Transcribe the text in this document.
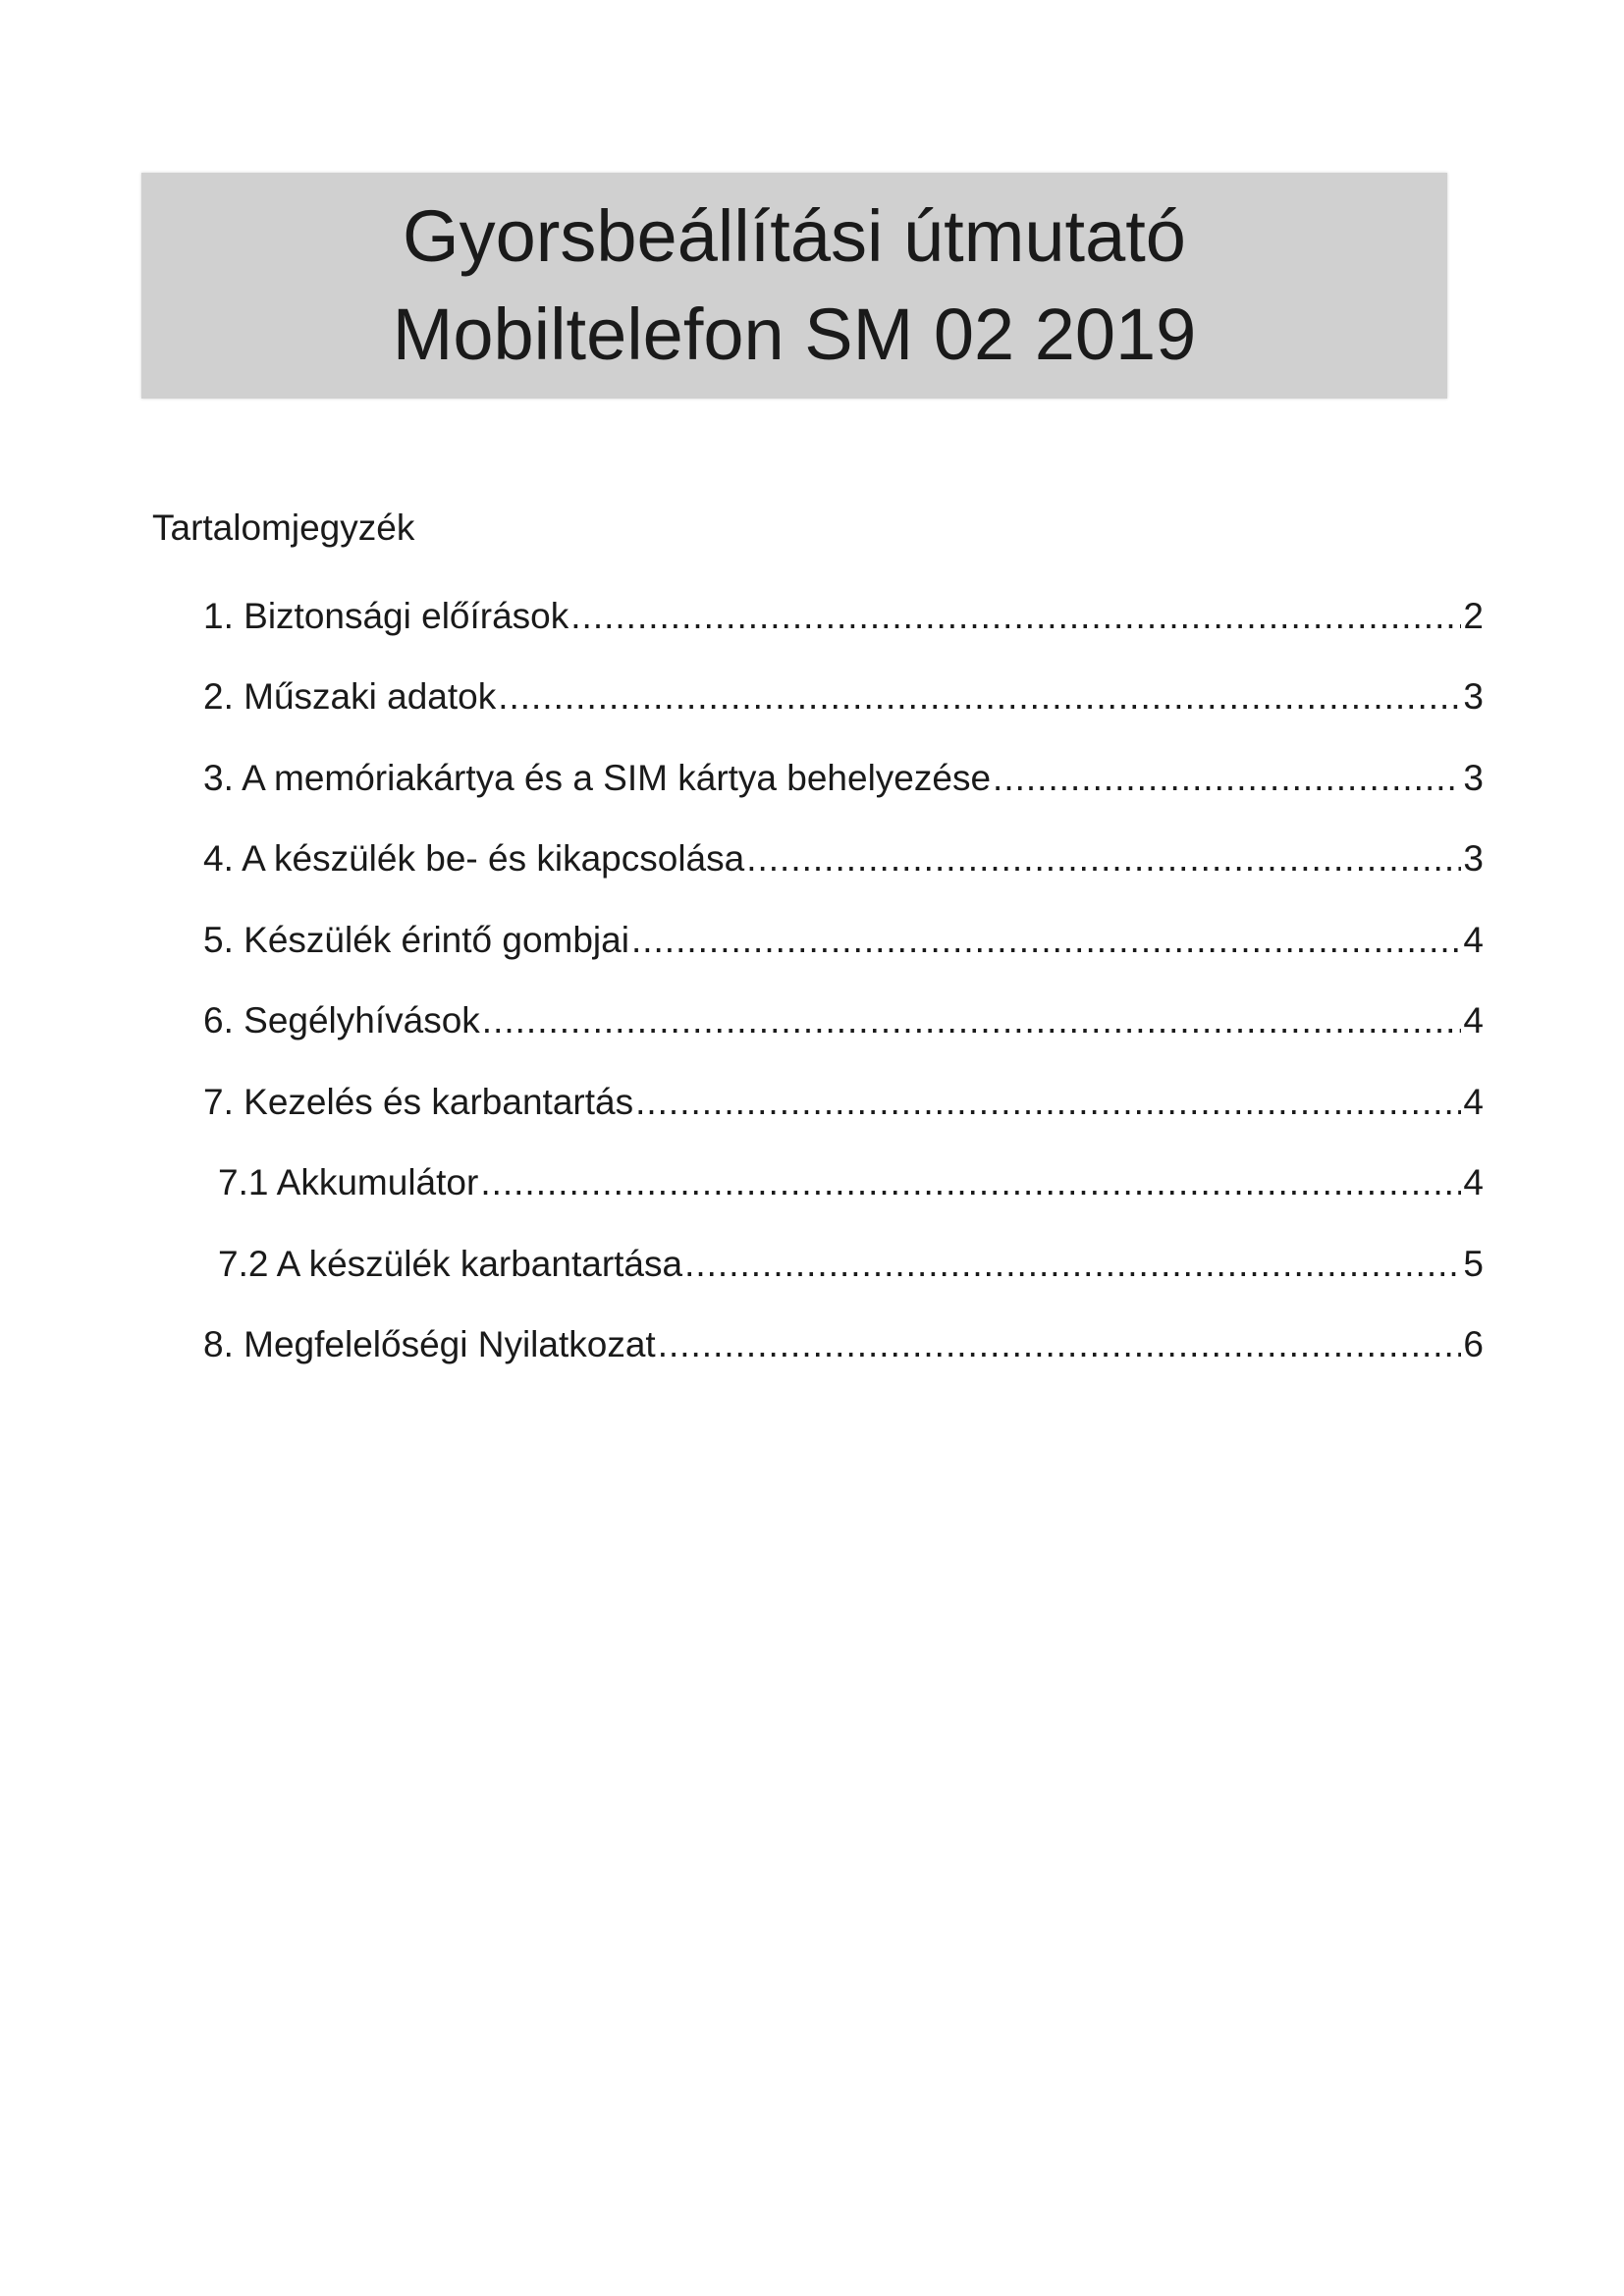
Gyorsbeállítási útmutató
Mobiltelefon SM 02 2019
Tartalomjegyzék
1. Biztonsági előírások .....	2
2. Műszaki adatok .....	3
3. A memóriakártya és a SIM kártya behelyezése .....	3
4. A készülék be- és kikapcsolása .....	3
5. Készülék érintő gombjai .....	4
6. Segélyhívások .....	4
7. Kezelés és karbantartás .....	4
7.1 Akkumulátor .....	4
7.2 A készülék karbantartása .....	5
8. Megfelelőségi Nyilatkozat .....	6
